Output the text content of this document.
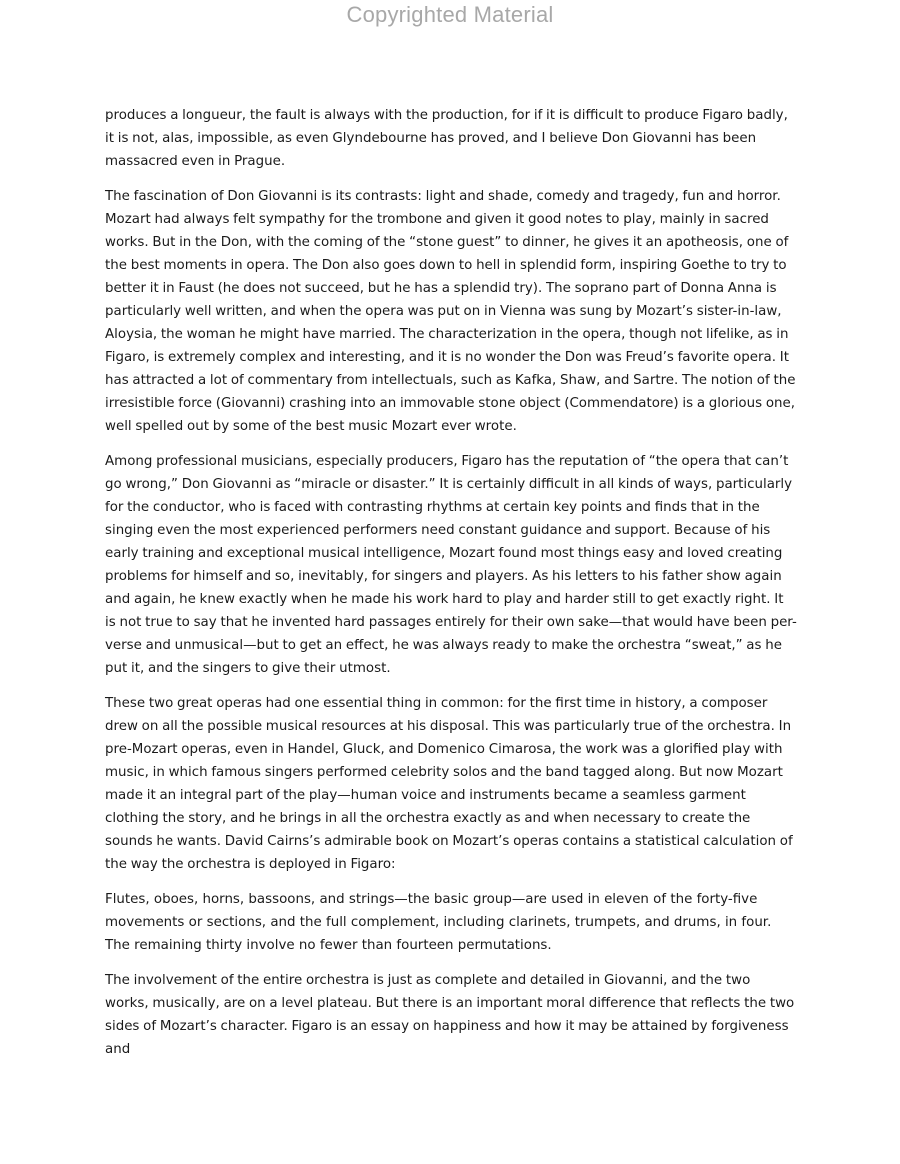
Copyrighted Material

produces a longueur, the fault is always with the production, for if it is difficult to produce Figaro badly, it is not, alas, impossible, as even Glyndebourne has proved, and I believe Don Giovanni has been massacred even in Prague.

The fascination of Don Giovanni is its contrasts: light and shade, comedy and tragedy, fun and horror. Mozart had always felt sympathy for the trombone and given it good notes to play, mainly in sacred works. But in the Don, with the coming of the “stone guest” to dinner, he gives it an apotheosis, one of the best moments in opera. The Don also goes down to hell in splendid form, inspiring Goethe to try to better it in Faust (he does not succeed, but he has a splendid try). The soprano part of Donna Anna is particularly well written, and when the opera was put on in Vienna was sung by Mozart’s sister-in-law, Aloysia, the woman he might have married. The characterization in the opera, though not lifelike, as in Figaro, is extremely complex and interesting, and it is no wonder the Don was Freud’s favorite opera. It has attracted a lot of commentary from intellectuals, such as Kafka, Shaw, and Sartre. The notion of the irresistible force (Giovanni) crashing into an immovable stone object (Commendatore) is a glorious one, well spelled out by some of the best music Mozart ever wrote.

Among professional musicians, especially producers, Figaro has the reputation of “the opera that can’t go wrong,” Don Giovanni as “miracle or disaster.” It is certainly difficult in all kinds of ways, particularly for the conductor, who is faced with contrasting rhythms at certain key points and finds that in the singing even the most experienced performers need constant guidance and support. Because of his early training and exceptional musical intelligence, Mozart found most things easy and loved creating problems for himself and so, inevitably, for singers and players. As his letters to his father show again and again, he knew exactly when he made his work hard to play and harder still to get exactly right. It is not true to say that he invented hard passages entirely for their own sake—that would have been per-verse and unmusical—but to get an effect, he was always ready to make the orchestra “sweat,” as he put it, and the singers to give their utmost.

These two great operas had one essential thing in common: for the first time in history, a composer drew on all the possible musical resources at his disposal. This was particularly true of the orchestra. In pre-Mozart operas, even in Handel, Gluck, and Domenico Cimarosa, the work was a glorified play with music, in which famous singers performed celebrity solos and the band tagged along. But now Mozart made it an integral part of the play—human voice and instruments became a seamless garment clothing the story, and he brings in all the orchestra exactly as and when necessary to create the sounds he wants. David Cairns’s admirable book on Mozart’s operas contains a statistical calculation of the way the orchestra is deployed in Figaro:

Flutes, oboes, horns, bassoons, and strings—the basic group—are used in eleven of the forty-five movements or sections, and the full complement, including clarinets, trumpets, and drums, in four. The remaining thirty involve no fewer than fourteen permutations.

The involvement of the entire orchestra is just as complete and detailed in Giovanni, and the two works, musically, are on a level plateau. But there is an important moral difference that reflects the two sides of Mozart’s character. Figaro is an essay on happiness and how it may be attained by forgiveness and
